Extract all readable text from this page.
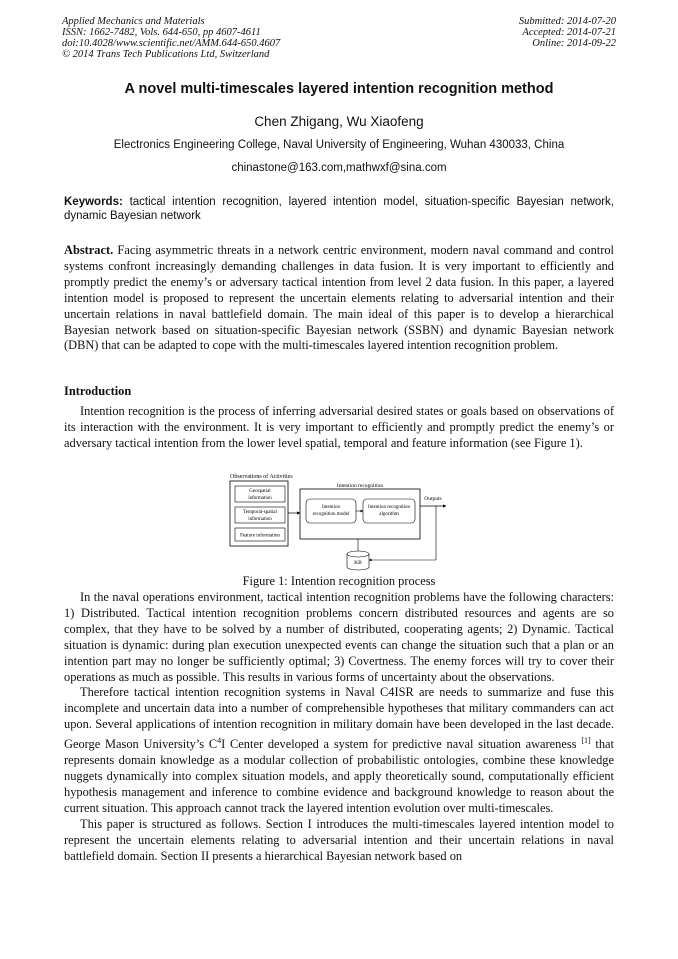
Applied Mechanics and Materials
ISSN: 1662-7482, Vols. 644-650, pp 4607-4611
doi:10.4028/www.scientific.net/AMM.644-650.4607
© 2014 Trans Tech Publications Ltd, Switzerland
Submitted: 2014-07-20
Accepted: 2014-07-21
Online: 2014-09-22
A novel multi-timescales layered intention recognition method
Chen Zhigang, Wu Xiaofeng
Electronics Engineering College, Naval University of Engineering, Wuhan 430033, China
chinastone@163.com,mathwxf@sina.com
Keywords: tactical intention recognition, layered intention model, situation-specific Bayesian network, dynamic Bayesian network

Abstract. Facing asymmetric threats in a network centric environment, modern naval command and control systems confront increasingly demanding challenges in data fusion. It is very important to efficiently and promptly predict the enemy’s or adversary tactical intention from level 2 data fusion. In this paper, a layered intention model is proposed to represent the uncertain elements relating to adversarial intention and their uncertain relations in naval battlefield domain. The main ideal of this paper is to develop a hierarchical Bayesian network based on situation-specific Bayesian network (SSBN) and dynamic Bayesian network (DBN) that can be adapted to cope with the multi-timescales layered intention recognition problem.

Introduction

Intention recognition is the process of inferring adversarial desired states or goals based on observations of its interaction with the environment. It is very important to efficiently and promptly predict the enemy’s or adversary tactical intention from the lower level spatial, temporal and feature information (see Figure 1).

Observations of Activities
Geospatial
information
Temporal-spatial
information
Feature information
Intention recognition
Intention
recognition model
Intention recognition
algorithm
Outputs
KB
Figure 1: Intention recognition process

In the naval operations environment, tactical intention recognition problems have the following characters: 1) Distributed. Tactical intention recognition problems concern distributed resources and agents are so complex, that they have to be solved by a number of distributed, cooperating agents; 2) Dynamic. Tactical situation is dynamic: during plan execution unexpected events can change the situation such that a plan or an intention part may no longer be sufficiently optimal; 3) Covertness. The enemy forces will try to cover their operations as much as possible. This results in various forms of uncertainty about the observations.

Therefore tactical intention recognition systems in Naval C4ISR are needs to summarize and fuse this incomplete and uncertain data into a number of comprehensible hypotheses that military commanders can act upon. Several applications of intention recognition in military domain have been developed in the last decade. George Mason University’s $C^4I$ Center developed a system for predictive naval situation awareness [1] that represents domain knowledge as a modular collection of probabilistic ontologies, combine these knowledge nuggets dynamically into complex situation models, and apply theoretically sound, computationally efficient hypothesis management and inference to combine evidence and background knowledge to reason about the current situation. This approach cannot track the layered intention evolution over multi-timescales.

This paper is structured as follows. Section I introduces the multi-timescales layered intention model to represent the uncertain elements relating to adversarial intention and their uncertain relations in naval battlefield domain. Section II presents a hierarchical Bayesian network based on
